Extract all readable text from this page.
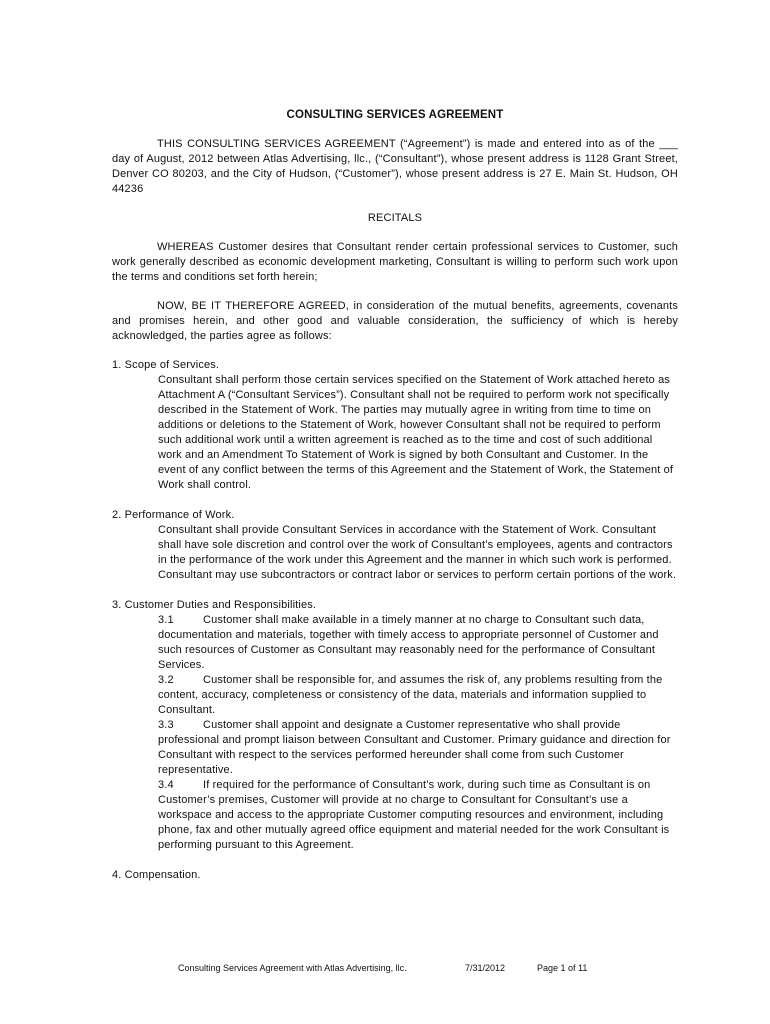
CONSULTING SERVICES AGREEMENT

THIS CONSULTING SERVICES AGREEMENT (“Agreement”) is made and entered into as of the ___ day of August, 2012 between Atlas Advertising, llc., (“Consultant”), whose present address is 1128 Grant Street, Denver CO 80203, and the City of Hudson, (“Customer”), whose present address is 27 E. Main St. Hudson, OH 44236

RECITALS

WHEREAS Customer desires that Consultant render certain professional services to Customer, such work generally described as economic development marketing, Consultant is willing to perform such work upon the terms and conditions set forth herein;

NOW, BE IT THEREFORE AGREED, in consideration of the mutual benefits, agreements, covenants and promises herein, and other good and valuable consideration, the sufficiency of which is hereby acknowledged, the parties agree as follows:

1. Scope of Services.

Consultant shall perform those certain services specified on the Statement of Work attached hereto as Attachment A (“Consultant Services”). Consultant shall not be required to perform work not specifically described in the Statement of Work. The parties may mutually agree in writing from time to time on additions or deletions to the Statement of Work, however Consultant shall not be required to perform such additional work until a written agreement is reached as to the time and cost of such additional work and an Amendment To Statement of Work is signed by both Consultant and Customer. In the event of any conflict between the terms of this Agreement and the Statement of Work, the Statement of Work shall control.

2. Performance of Work.

Consultant shall provide Consultant Services in accordance with the Statement of Work. Consultant shall have sole discretion and control over the work of Consultant’s employees, agents and contractors in the performance of the work under this Agreement and the manner in which such work is performed. Consultant may use subcontractors or contract labor or services to perform certain portions of the work.

3. Customer Duties and Responsibilities.

3.1	Customer shall make available in a timely manner at no charge to Consultant such data, documentation and materials, together with timely access to appropriate personnel of Customer and such resources of Customer as Consultant may reasonably need for the performance of Consultant Services.

3.2	Customer shall be responsible for, and assumes the risk of, any problems resulting from the content, accuracy, completeness or consistency of the data, materials and information supplied to Consultant.

3.3	Customer shall appoint and designate a Customer representative who shall provide professional and prompt liaison between Consultant and Customer. Primary guidance and direction for Consultant with respect to the services performed hereunder shall come from such Customer representative.

3.4	If required for the performance of Consultant’s work, during such time as Consultant is on Customer’s premises, Customer will provide at no charge to Consultant for Consultant’s use a workspace and access to the appropriate Customer computing resources and environment, including phone, fax and other mutually agreed office equipment and material needed for the work Consultant is performing pursuant to this Agreement.

4. Compensation.

Consulting Services Agreement with Atlas Advertising, llc.	7/31/2012	Page 1 of 11
